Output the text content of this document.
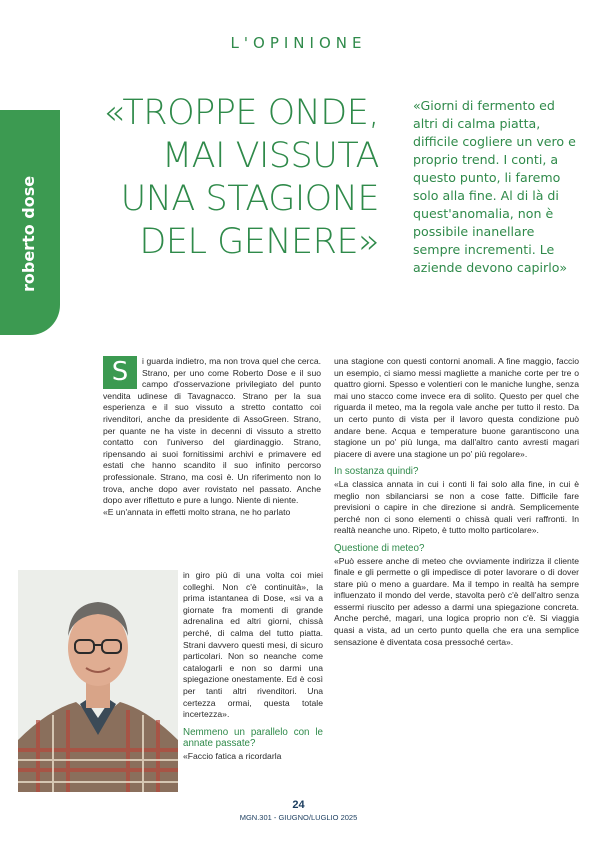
L'OPINIONE
roberto dose
«TROPPE ONDE,
MAI VISSUTA
UNA STAGIONE
DEL GENERE»
«Giorni di fermento ed altri di calma piatta, difficile cogliere un vero e proprio trend. I conti, a questo punto, li faremo solo alla fine. Al di là di quest'anomalia, non è possibile inanellare sempre incrementi. Le aziende devono capirlo»
S	i guarda indietro, ma non trova quel che cerca. Strano, per uno come Roberto Dose e il suo campo d'osservazione privilegiato del punto vendita udinese di Tavagnacco. Strano per la sua esperienza e il suo vissuto a stretto contatto coi rivenditori, anche da presidente di AssoGreen. Strano, per quante ne ha viste in decenni di vissuto a stretto contatto con l'universo del giardinaggio. Strano, ripensando ai suoi fornitissimi archivi e primavere ed estati che hanno scandito il suo infinito percorso professionale. Strano, ma così è. Un riferimento non lo trova, anche dopo aver rovistato nel passato. Anche dopo aver riflettuto e pure a lungo. Niente di niente.

«E un'annata in effetti molto strana, ne ho parlato

in giro più di una volta coi miei colleghi. Non c'è continuità», la prima istantanea di Dose, «si va a giornate fra momenti di grande adrenalina ed altri giorni, chissà perché, di calma del tutto piatta. Strani davvero questi mesi, di sicuro particolari. Non so neanche come catalogarli e non so darmi una spiegazione onestamente. Ed è così per tanti altri rivenditori. Una certezza ormai, questa totale incertezza».

Nemmeno un parallelo con le annate passate?

«Faccio fatica a ricordarla

una stagione con questi contorni anomali. A fine maggio, faccio un esempio, ci siamo messi magliette a maniche corte per tre o quattro giorni. Spesso e volentieri con le maniche lunghe, senza mai uno stacco come invece era di solito. Questo per quel che riguarda il meteo, ma la regola vale anche per tutto il resto. Da un certo punto di vista per il lavoro questa condizione può andare bene. Acqua e temperature buone garantiscono una stagione un po' più lunga, ma dall'altro canto avresti magari piacere di avere una stagione un po' più regolare».

In sostanza quindi?

«La classica annata in cui i conti li fai solo alla fine, in cui è meglio non sbilanciarsi se non a cose fatte. Difficile fare previsioni o capire in che direzione si andrà. Semplicemente perché non ci sono elementi o chissà quali veri raffronti. In realtà neanche uno. Ripeto, è tutto molto particolare».

Questione di meteo?

«Può essere anche di meteo che ovviamente indirizza il cliente finale e gli permette o gli impedisce di poter lavorare o di dover stare più o meno a guardare. Ma il tempo in realtà ha sempre influenzato il mondo del verde, stavolta però c'è dell'altro senza essermi riuscito per adesso a darmi una spiegazione concreta. Anche perché, magari, una logica proprio non c'è. Si viaggia quasi a vista, ad un certo punto quella che era una semplice sensazione è diventata cosa pressoché certa».

24
MGN.301 - GIUGNO/LUGLIO 2025
